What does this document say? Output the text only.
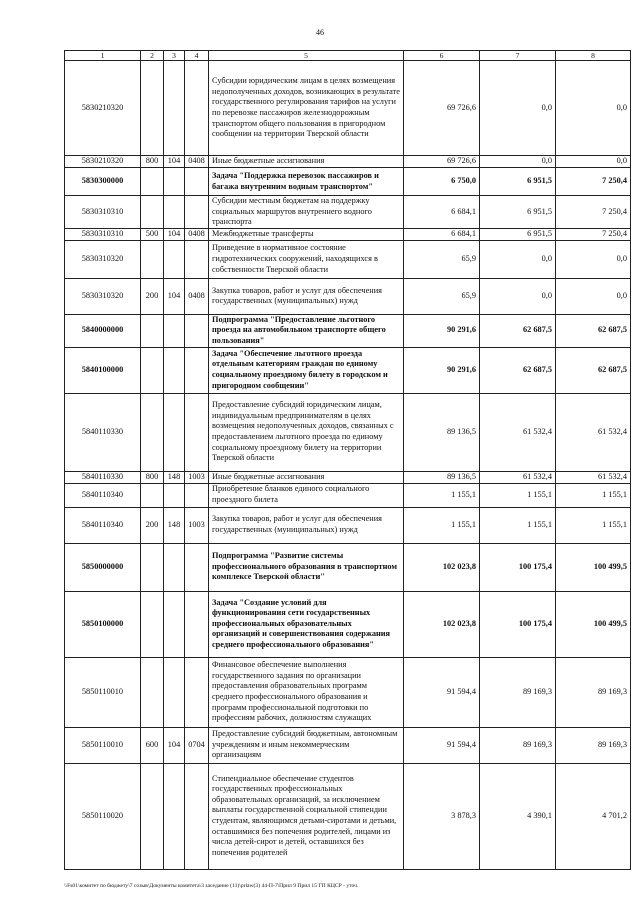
46
1	2	3	4	5	6	7	8
5830210320				Субсидии юридическим лицам в целях возмещения недополученных доходов, возникающих в результате государственного регулирования тарифов на услуги по перевозке пассажиров железнодорожным транспортом общего пользования в пригородном сообщении на территории Тверской области	69 726,6	0,0	0,0
5830210320	800	104	0408	Иные бюджетные ассигнования	69 726,6	0,0	0,0
5830300000				Задача "Поддержка перевозок пассажиров и багажа внутренним водным транспортом"	6 750,0	6 951,5	7 250,4
5830310310				Субсидии местным бюджетам на поддержку социальных маршрутов внутреннего водного транспорта	6 684,1	6 951,5	7 250,4
5830310310	500	104	0408	Межбюджетные трансферты	6 684,1	6 951,5	7 250,4
5830310320				Приведение в нормативное состояние гидротехнических сооружений, находящихся в собственности Тверской области	65,9	0,0	0,0
5830310320	200	104	0408	Закупка товаров, работ и услуг для обеспечения государственных (муниципальных) нужд	65,9	0,0	0,0
5840000000				Подпрограмма "Предоставление льготного проезда на автомобильном транспорте общего пользования"	90 291,6	62 687,5	62 687,5
5840100000				Задача "Обеспечение льготного проезда отдельным категориям граждан по единому социальному проездному билету в городском и пригородном сообщении"	90 291,6	62 687,5	62 687,5
5840110330				Предоставление субсидий юридическим лицам, индивидуальным предпринимателям в целях возмещения недополученных доходов, связанных с предоставлением льготного проезда по единому социальному проездному билету на территории Тверской области	89 136,5	61 532,4	61 532,4
5840110330	800	148	1003	Иные бюджетные ассигнования	89 136,5	61 532,4	61 532,4
5840110340				Приобретение бланков единого социального проездного билета	1 155,1	1 155,1	1 155,1
5840110340	200	148	1003	Закупка товаров, работ и услуг для обеспечения государственных (муниципальных) нужд	1 155,1	1 155,1	1 155,1
5850000000				Подпрограмма "Развитие системы профессионального образования в транспортном комплексе Тверской области"	102 023,8	100 175,4	100 499,5
5850100000				Задача "Создание условий для функционирования сети государственных профессиональных образовательных организаций и совершенствования содержания среднего профессионального образования"	102 023,8	100 175,4	100 499,5
5850110010				Финансовое обеспечение выполнения государственного задания по организации предоставления образовательных программ среднего профессионального образования и программ профессиональной подготовки по профессиям рабочих, должностям служащих	91 594,4	89 169,3	89 169,3
5850110010	600	104	0704	Предоставление субсидий бюджетным, автономным учреждениям и иным некоммерческим организациям	91 594,4	89 169,3	89 169,3
5850110020				Стипендиальное обеспечение студентов государственных профессиональных образовательных организаций, за исключением выплаты государственной социальной стипендии студентам, являющимся детьми-сиротами и детьми, оставшимися без попечения родителей, лицами из числа детей-сирот и детей, оставшихся без попечения родителей	3 878,3	4 390,1	4 701,2
\\Fs01\комитет по бюджету\7 созыв\Документы комитета\3 заседание (11)\prlaw(3) 44-П-7\Прил 9 Прил 15 ГП КЦСР - уточ.
